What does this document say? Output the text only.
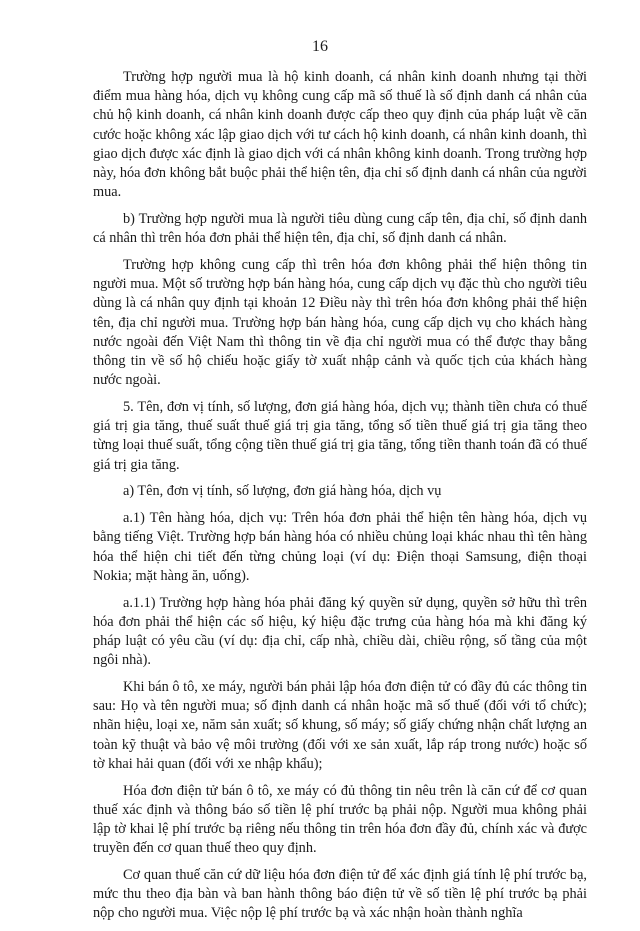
16

Trường hợp người mua là hộ kinh doanh, cá nhân kinh doanh nhưng tại thời điểm mua hàng hóa, dịch vụ không cung cấp mã số thuế là số định danh cá nhân của chủ hộ kinh doanh, cá nhân kinh doanh được cấp theo quy định của pháp luật về căn cước hoặc không xác lập giao dịch với tư cách hộ kinh doanh, cá nhân kinh doanh, thì giao dịch được xác định là giao dịch với cá nhân không kinh doanh. Trong trường hợp này, hóa đơn không bắt buộc phải thể hiện tên, địa chỉ số định danh cá nhân của người mua.

b) Trường hợp người mua là người tiêu dùng cung cấp tên, địa chỉ, số định danh cá nhân thì trên hóa đơn phải thể hiện tên, địa chỉ, số định danh cá nhân.

Trường hợp không cung cấp thì trên hóa đơn không phải thể hiện thông tin người mua. Một số trường hợp bán hàng hóa, cung cấp dịch vụ đặc thù cho người tiêu dùng là cá nhân quy định tại khoản 12 Điều này thì trên hóa đơn không phải thể hiện tên, địa chỉ người mua. Trường hợp bán hàng hóa, cung cấp dịch vụ cho khách hàng nước ngoài đến Việt Nam thì thông tin về địa chỉ người mua có thể được thay bằng thông tin về số hộ chiếu hoặc giấy tờ xuất nhập cảnh và quốc tịch của khách hàng nước ngoài.

5. Tên, đơn vị tính, số lượng, đơn giá hàng hóa, dịch vụ; thành tiền chưa có thuế giá trị gia tăng, thuế suất thuế giá trị gia tăng, tổng số tiền thuế giá trị gia tăng theo từng loại thuế suất, tổng cộng tiền thuế giá trị gia tăng, tổng tiền thanh toán đã có thuế giá trị gia tăng.

a) Tên, đơn vị tính, số lượng, đơn giá hàng hóa, dịch vụ

a.1) Tên hàng hóa, dịch vụ: Trên hóa đơn phải thể hiện tên hàng hóa, dịch vụ bằng tiếng Việt. Trường hợp bán hàng hóa có nhiều chủng loại khác nhau thì tên hàng hóa thể hiện chi tiết đến từng chủng loại (ví dụ: Điện thoại Samsung, điện thoại Nokia; mặt hàng ăn, uống).

a.1.1) Trường hợp hàng hóa phải đăng ký quyền sử dụng, quyền sở hữu thì trên hóa đơn phải thể hiện các số hiệu, ký hiệu đặc trưng của hàng hóa mà khi đăng ký pháp luật có yêu cầu (ví dụ: địa chỉ, cấp nhà, chiều dài, chiều rộng, số tầng của một ngôi nhà).

Khi bán ô tô, xe máy, người bán phải lập hóa đơn điện tử có đầy đủ các thông tin sau: Họ và tên người mua; số định danh cá nhân hoặc mã số thuế (đối với tổ chức); nhãn hiệu, loại xe, năm sản xuất; số khung, số máy; số giấy chứng nhận chất lượng an toàn kỹ thuật và bảo vệ môi trường (đối với xe sản xuất, lắp ráp trong nước) hoặc số tờ khai hải quan (đối với xe nhập khẩu);

Hóa đơn điện tử bán ô tô, xe máy có đủ thông tin nêu trên là căn cứ để cơ quan thuế xác định và thông báo số tiền lệ phí trước bạ phải nộp. Người mua không phải lập tờ khai lệ phí trước bạ riêng nếu thông tin trên hóa đơn đầy đủ, chính xác và được truyền đến cơ quan thuế theo quy định.

Cơ quan thuế căn cứ dữ liệu hóa đơn điện tử để xác định giá tính lệ phí trước bạ, mức thu theo địa bàn và ban hành thông báo điện tử về số tiền lệ phí trước bạ phải nộp cho người mua. Việc nộp lệ phí trước bạ và xác nhận hoàn thành nghĩa
